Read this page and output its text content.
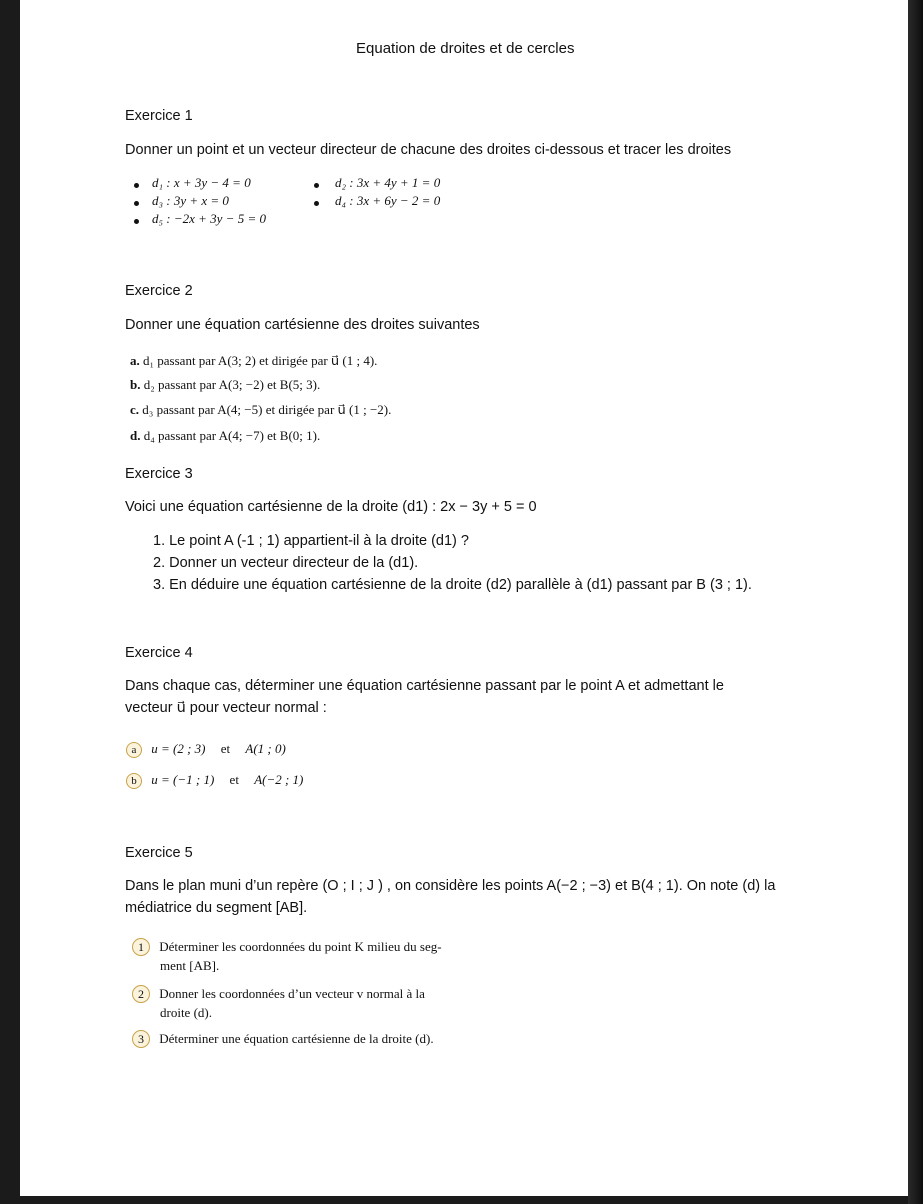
Equation de droites et de cercles
Exercice 1
Donner un point et un vecteur directeur de chacune des droites ci-dessous et tracer les droites
d₁ : x + 3y − 4 = 0	d₂ : 3x + 4y + 1 = 0
d₃ : 3y + x = 0	d₄ : 3x + 6y − 2 = 0
d₅ : −2x + 3y − 5 = 0
Exercice 2
Donner une équation cartésienne des droites suivantes
a. d₁ passant par A(3; 2) et dirigée par u⃗ (1 ; 4).
b. d₂ passant par A(3; −2) et B(5; 3).
c. d₃ passant par A(4; −5) et dirigée par u⃗ (1 ; −2).
d. d₄ passant par A(4; −7) et B(0; 1).
Exercice 3
Voici une équation cartésienne de la droite (d1) : 2x − 3y + 5 = 0
1. Le point A (-1 ; 1) appartient-il à la droite (d1) ?
2. Donner un vecteur directeur de la (d1).
3. En déduire une équation cartésienne de la droite (d2) parallèle à (d1) passant par B (3 ; 1).
Exercice 4
Dans chaque cas, déterminer une équation cartésienne passant par le point A et admettant le
vecteur u⃗ pour vecteur normal :
a u = (2 ; 3) et A(1 ; 0)
b u = (−1 ; 1) et A(−2 ; 1)
Exercice 5
Dans le plan muni d’un repère (O ; I ; J ) , on considère les points A(−2 ; −3) et B(4 ; 1). On note (d) la
médiatrice du segment [AB].
1 Déterminer les coordonnées du point K milieu du seg-
ment [AB].
2 Donner les coordonnées d’un vecteur v normal à la
droite (d).
3 Déterminer une équation cartésienne de la droite (d).
